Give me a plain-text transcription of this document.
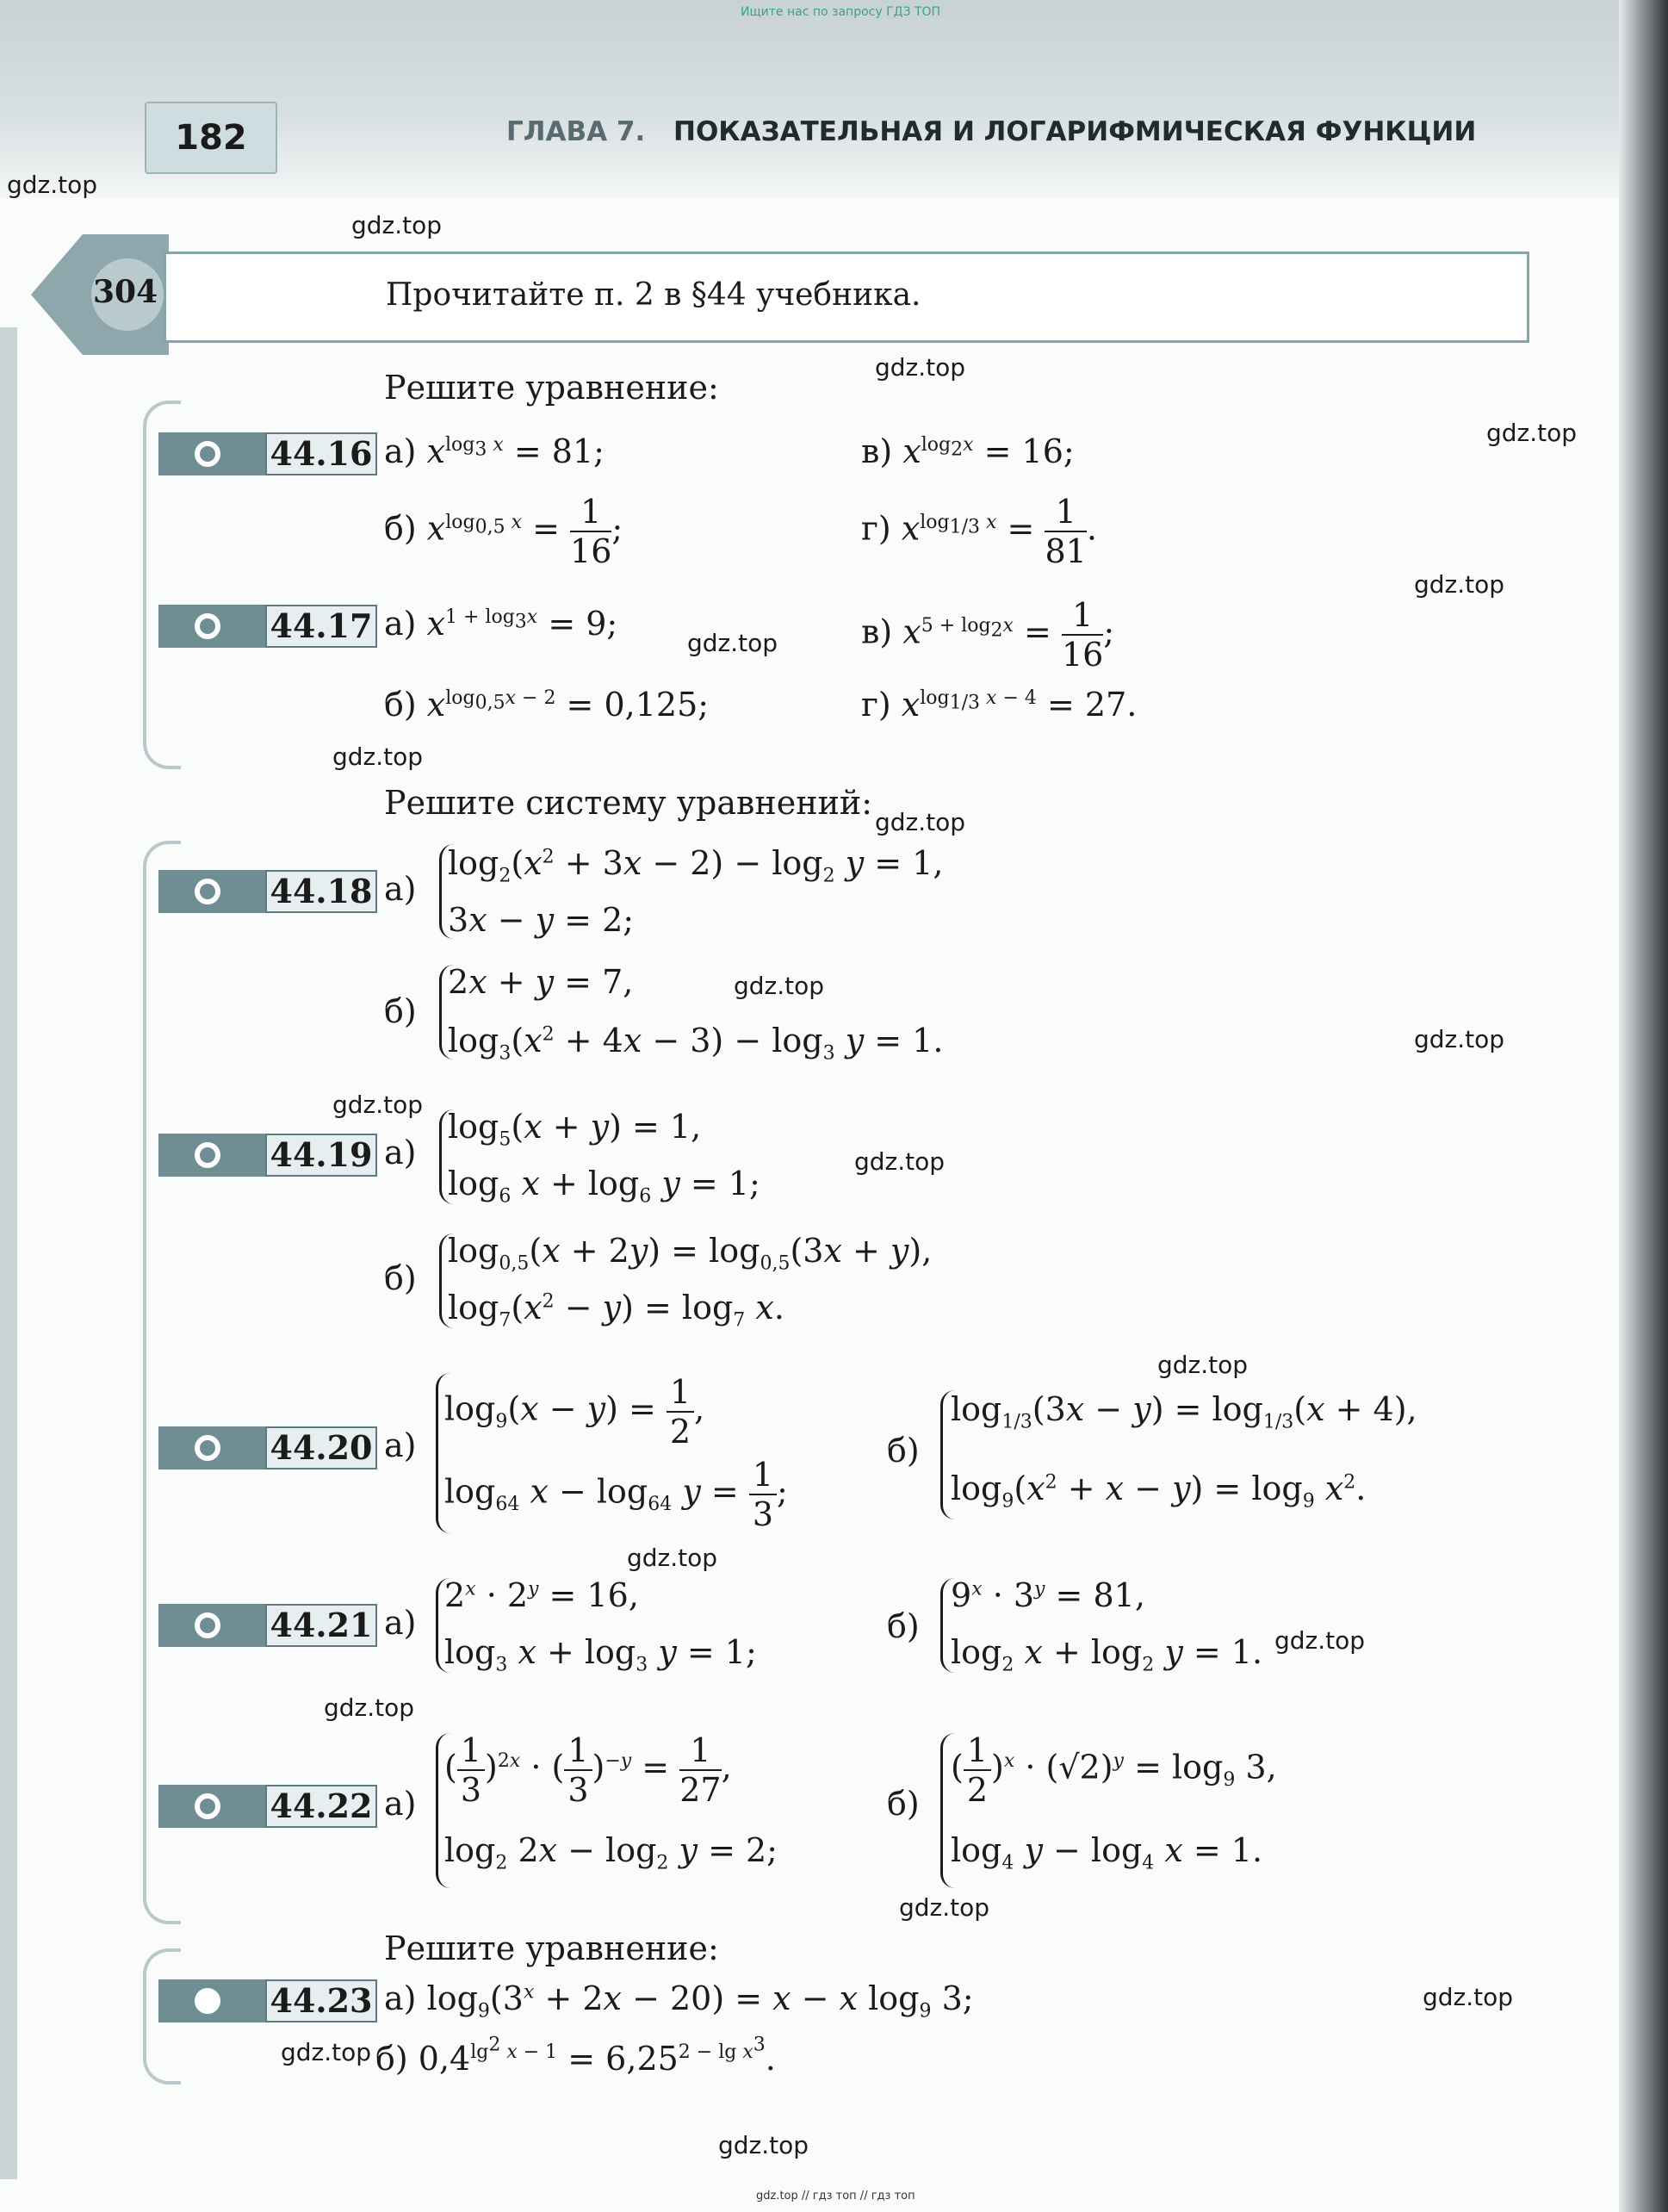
Ищите нас по запросу ГДЗ ТОП
gdz.top // гдз топ // гдз топ
182	ГЛАВА 7. ПОКАЗАТЕЛЬНАЯ И ЛОГАРИФМИЧЕСКАЯ ФУНКЦИИ
gdz.top
gdz.top
gdz.top
gdz.top
gdz.top
gdz.top
gdz.top
gdz.top
gdz.top
gdz.top
gdz.top
gdz.top
gdz.top
gdz.top
gdz.top
gdz.top
gdz.top
gdz.top
gdz.top
gdz.top
304	Прочитайте п. 2 в §44 учебника.
Решите уравнение:
Решите систему уравнений:
Решите уравнение:
44.16
44.17
44.18
44.19
44.20
44.21
44.22
44.23
а) $x^{log_3 x} = 81$;	в) $x^{log_2x} = 16$;
б) $x^{log_{0,5} x} = \frac{1}{16}$ ;	г) $x^{log_{1/3} x} = \frac{1}{81}$ .
а) $x^{1 + log_3x} = 9$;	в) $x^{5 + log_2x} = \frac{1}{16}$ ;
б) $x^{log_{0,5}x - 2} = 0,125$;	г) $x^{log_{1/3} x - 4} = 27$.
а)
$\log_2(x^2 + 3x - 2) - \log_2 y = 1$,
3x − y = 2;
б)
2x + y = 7,
$\log_3(x^2 + 4x - 3) - \log_3 y = 1$.
а)
$\log_5(x + y) = 1$,
$\log_6 x + \log_6 y = 1$;
б)
$\log_{0,5}(x + 2y) = \log_{0,5}(3x + y)$,
$\log_7(x^2 - y) = \log_7 x$.
а)
$\log_9(x - y) = \frac{1}{2}$ ,
$\log_{64} x - \log_{64} y = \frac{1}{3}$ ;
б)
$\log_{1/3}(3x - y) = \log_{1/3}(x + 4)$,
$\log_9(x^2 + x - y) = \log_9 x^2$.
а)
$2^x \cdot 2^y = 16$,
$\log_3 x + \log_3 y = 1$;
б)
$9^x \cdot 3^y = 81$,
$\log_2 x + \log_2 y = 1$.
а)
( $\frac{1}{3} )^{2x}$ · ( $\frac{1}{3} )^{-y} = \frac{1}{27}$ ,
$\log_2 2x - \log_2 y = 2$;
б)
( $\frac{1}{2} )^x \cdot (√2)^y = \log_9 3$,
$\log_4 y - \log_4 x = 1$.
а) $\log_9(3^x + 2x - 20) = x - x$ $\log_9 3$;
б) $0,4^{lg^2 x - 1} = 6,25^{2 - lg x^3}$.
